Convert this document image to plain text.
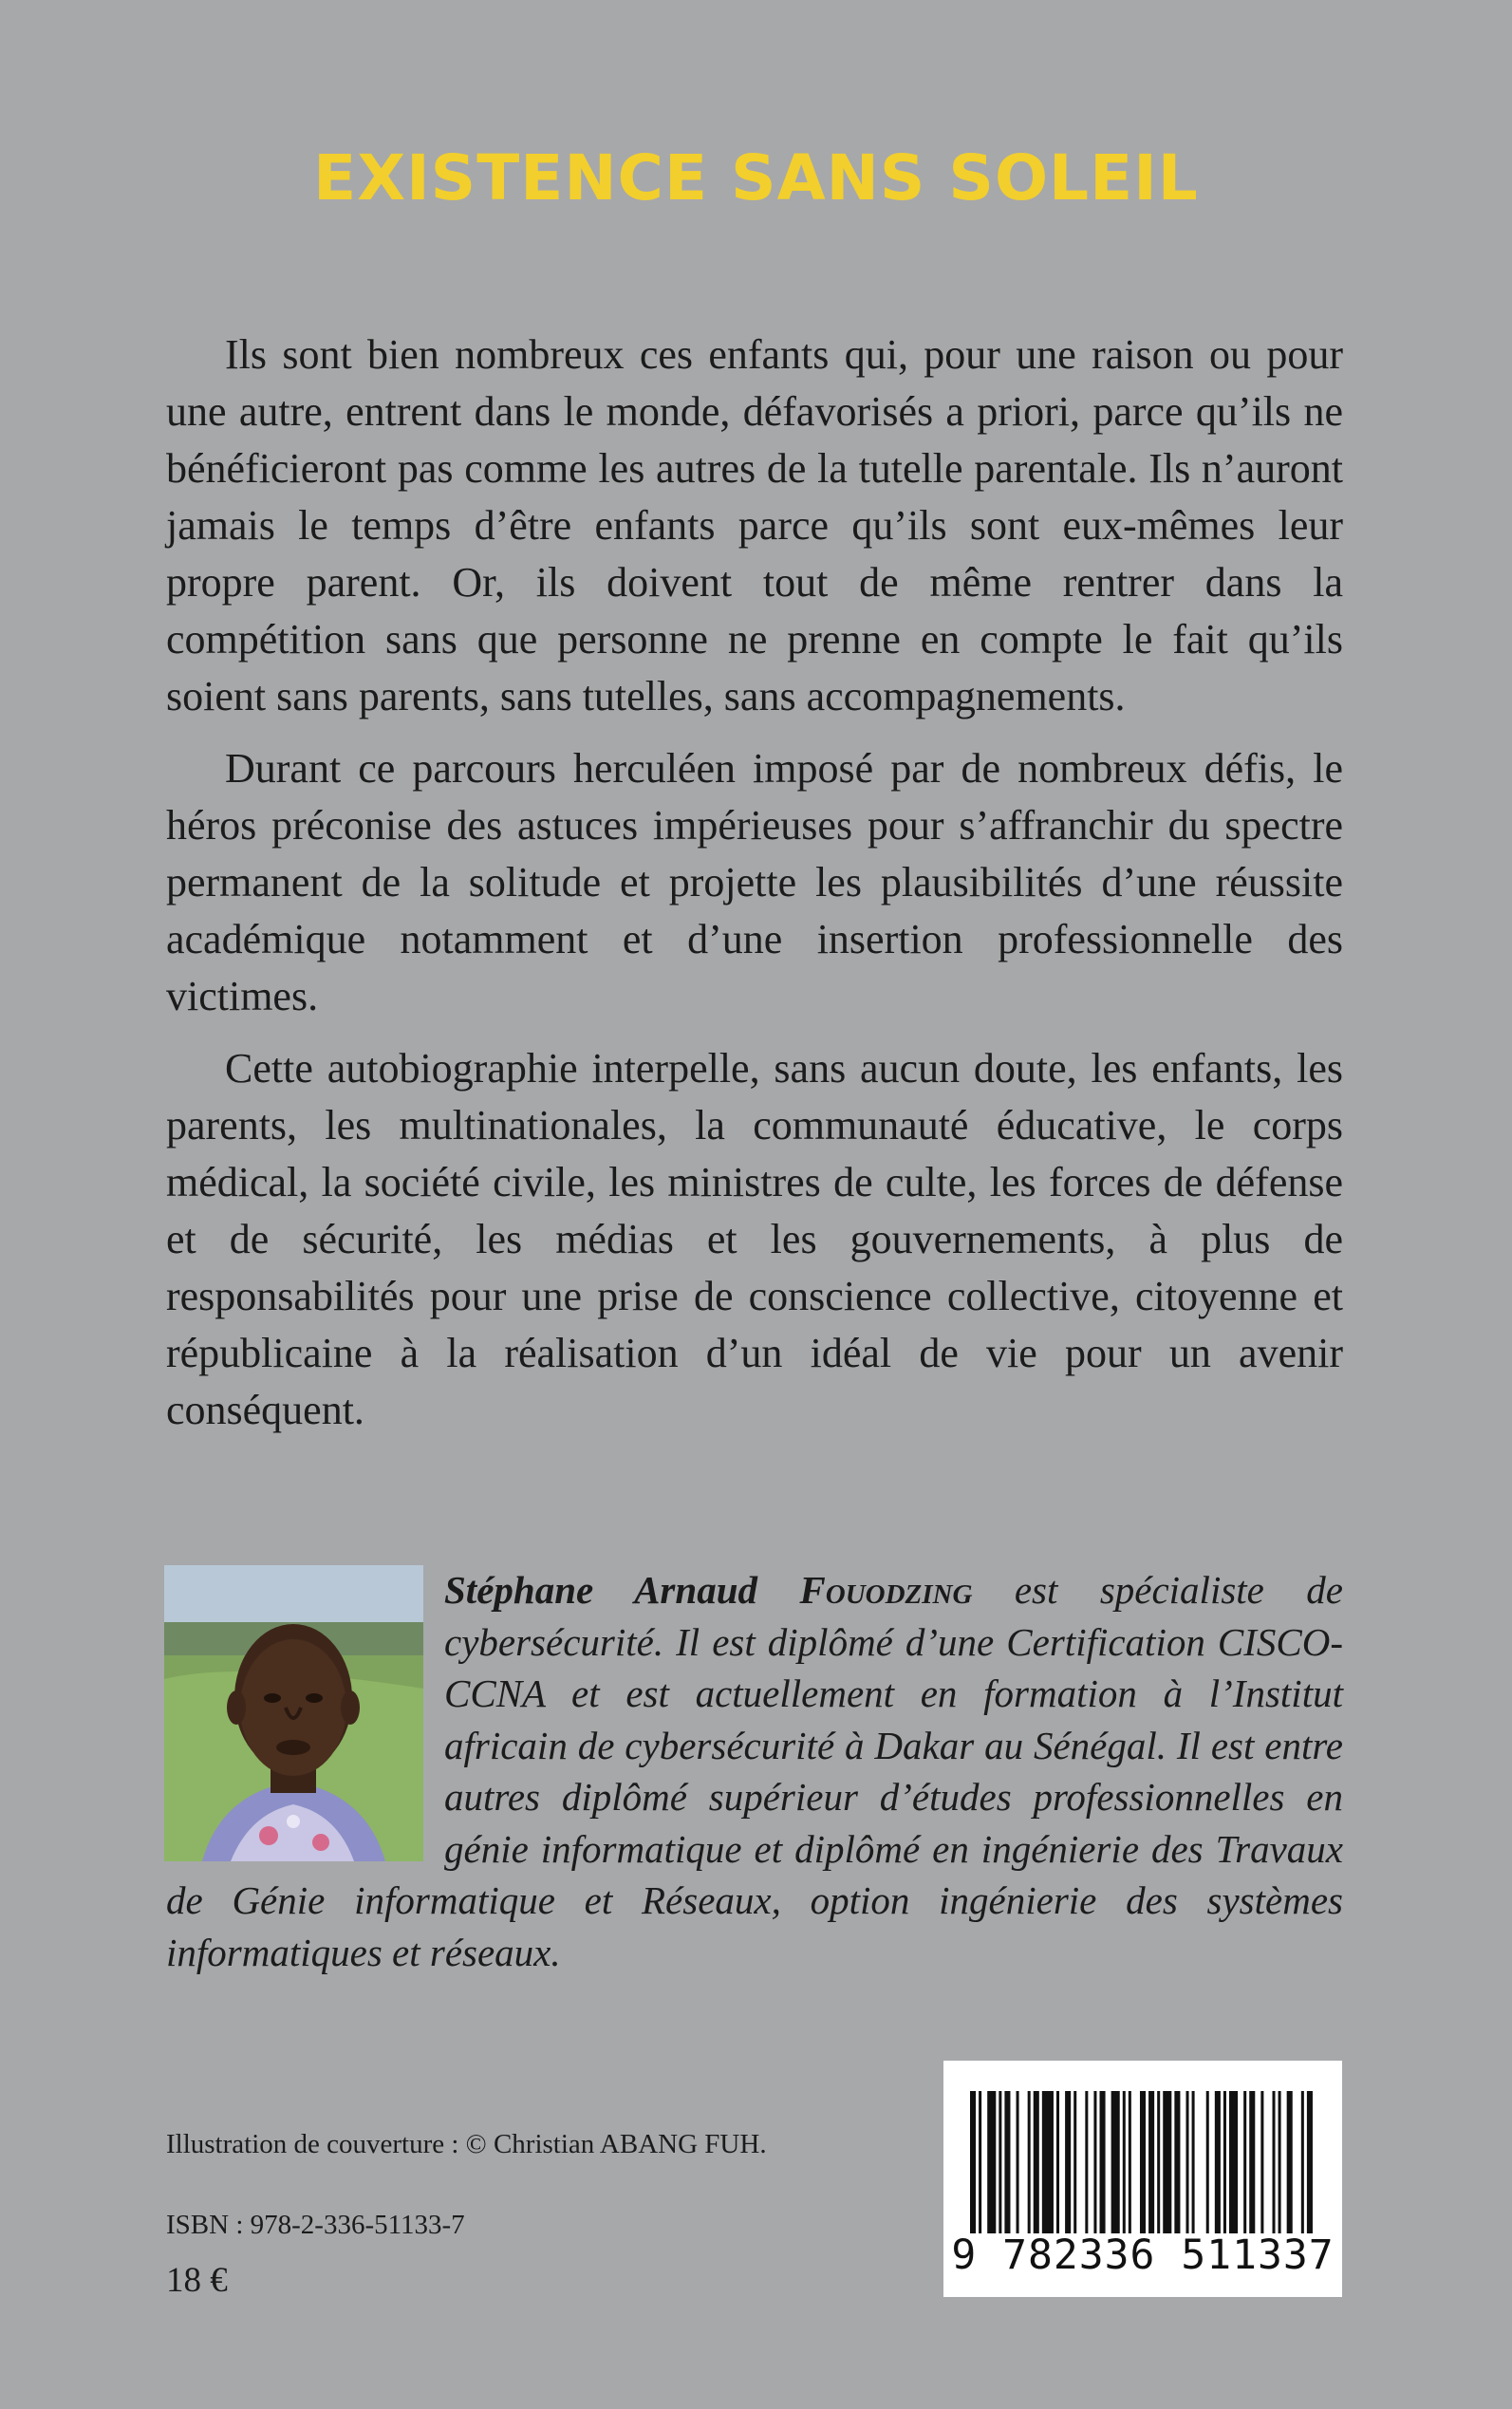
EXISTENCE SANS SOLEIL

Ils sont bien nombreux ces enfants qui, pour une raison ou pour une autre, entrent dans le monde, défavorisés a priori, parce qu’ils ne bénéficieront pas comme les autres de la tutelle parentale. Ils n’auront jamais le temps d’être enfants parce qu’ils sont eux-mêmes leur propre parent. Or, ils doivent tout de même rentrer dans la compétition sans que personne ne prenne en compte le fait qu’ils soient sans parents, sans tutelles, sans accompagnements.

Durant ce parcours herculéen imposé par de nombreux défis, le héros préconise des astuces impérieuses pour s’affranchir du spectre permanent de la solitude et projette les plausibilités d’une réussite académique notamment et d’une insertion professionnelle des victimes.

Cette autobiographie interpelle, sans aucun doute, les enfants, les parents, les multinationales, la communauté éducative, le corps médical, la société civile, les ministres de culte, les forces de défense et de sécurité, les médias et les gouvernements, à plus de responsabilités pour une prise de conscience collective, citoyenne et républicaine à la réalisation d’un idéal de vie pour un avenir conséquent.

Stéphane Arnaud Fouodzing est spécialiste de cybersécurité. Il est diplômé d’une Certification CISCO-CCNA et est actuellement en formation à l’Institut africain de cybersécurité à Dakar au Sénégal. Il est entre autres diplômé supérieur d’études professionnelles en génie informatique et diplômé en ingénierie des Travaux de Génie informatique et Réseaux, option ingénierie des systèmes informatiques et réseaux.
Illustration de couverture : © Christian ABANG FUH.
ISBN : 978-2-336-51133-7
18 €
9 782336 511337
